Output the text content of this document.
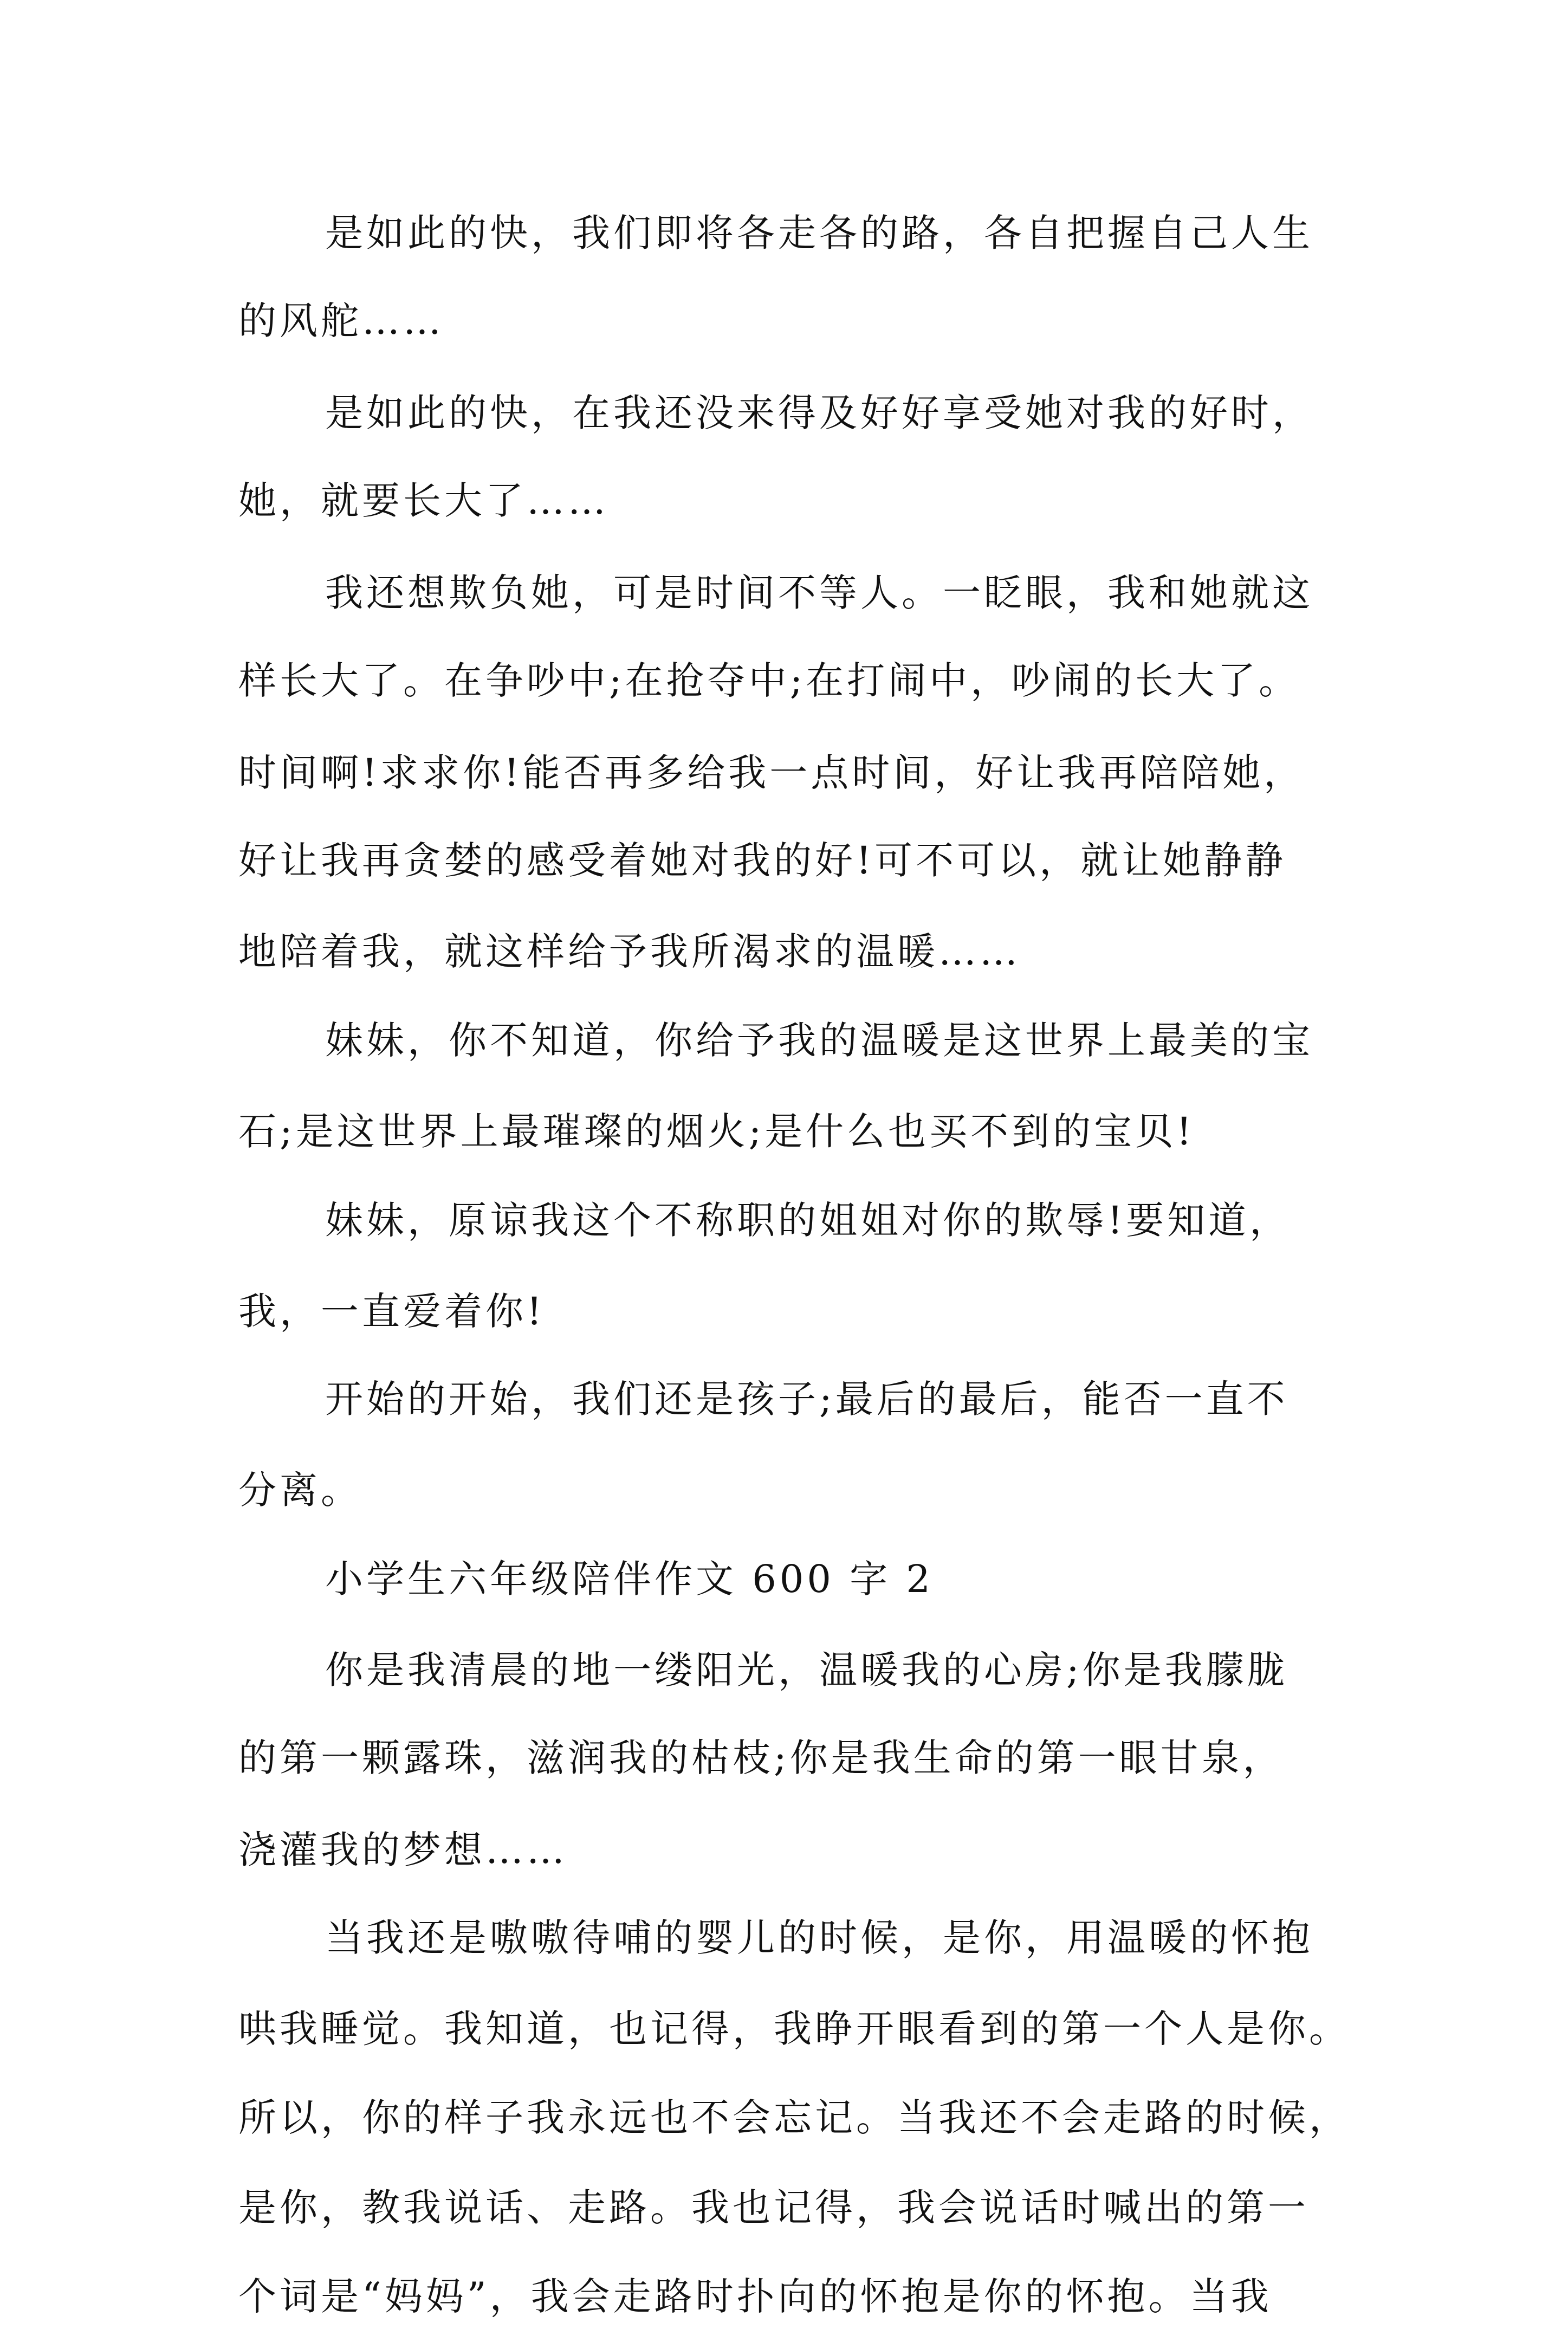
是如此的快，我们即将各走各的路，各自把握自己人生
的风舵……
是如此的快，在我还没来得及好好享受她对我的好时，
她，就要长大了……
我还想欺负她，可是时间不等人。一眨眼，我和她就这
样长大了。在争吵中;在抢夺中;在打闹中，吵闹的长大了。
时间啊!求求你!能否再多给我一点时间，好让我再陪陪她，
好让我再贪婪的感受着她对我的好!可不可以，就让她静静
地陪着我，就这样给予我所渴求的温暖……
妹妹，你不知道，你给予我的温暖是这世界上最美的宝
石;是这世界上最璀璨的烟火;是什么也买不到的宝贝!
妹妹，原谅我这个不称职的姐姐对你的欺辱!要知道，
我，一直爱着你!
开始的开始，我们还是孩子;最后的最后，能否一直不
分离。
小学生六年级陪伴作文 600 字 2
你是我清晨的地一缕阳光，温暖我的心房;你是我朦胧
的第一颗露珠，滋润我的枯枝;你是我生命的第一眼甘泉，
浇灌我的梦想……
当我还是嗷嗷待哺的婴儿的时候，是你，用温暖的怀抱
哄我睡觉。我知道，也记得，我睁开眼看到的第一个人是你。
所以，你的样子我永远也不会忘记。当我还不会走路的时候，
是你，教我说话、走路。我也记得，我会说话时喊出的第一
个词是“妈妈”，我会走路时扑向的怀抱是你的怀抱。当我
